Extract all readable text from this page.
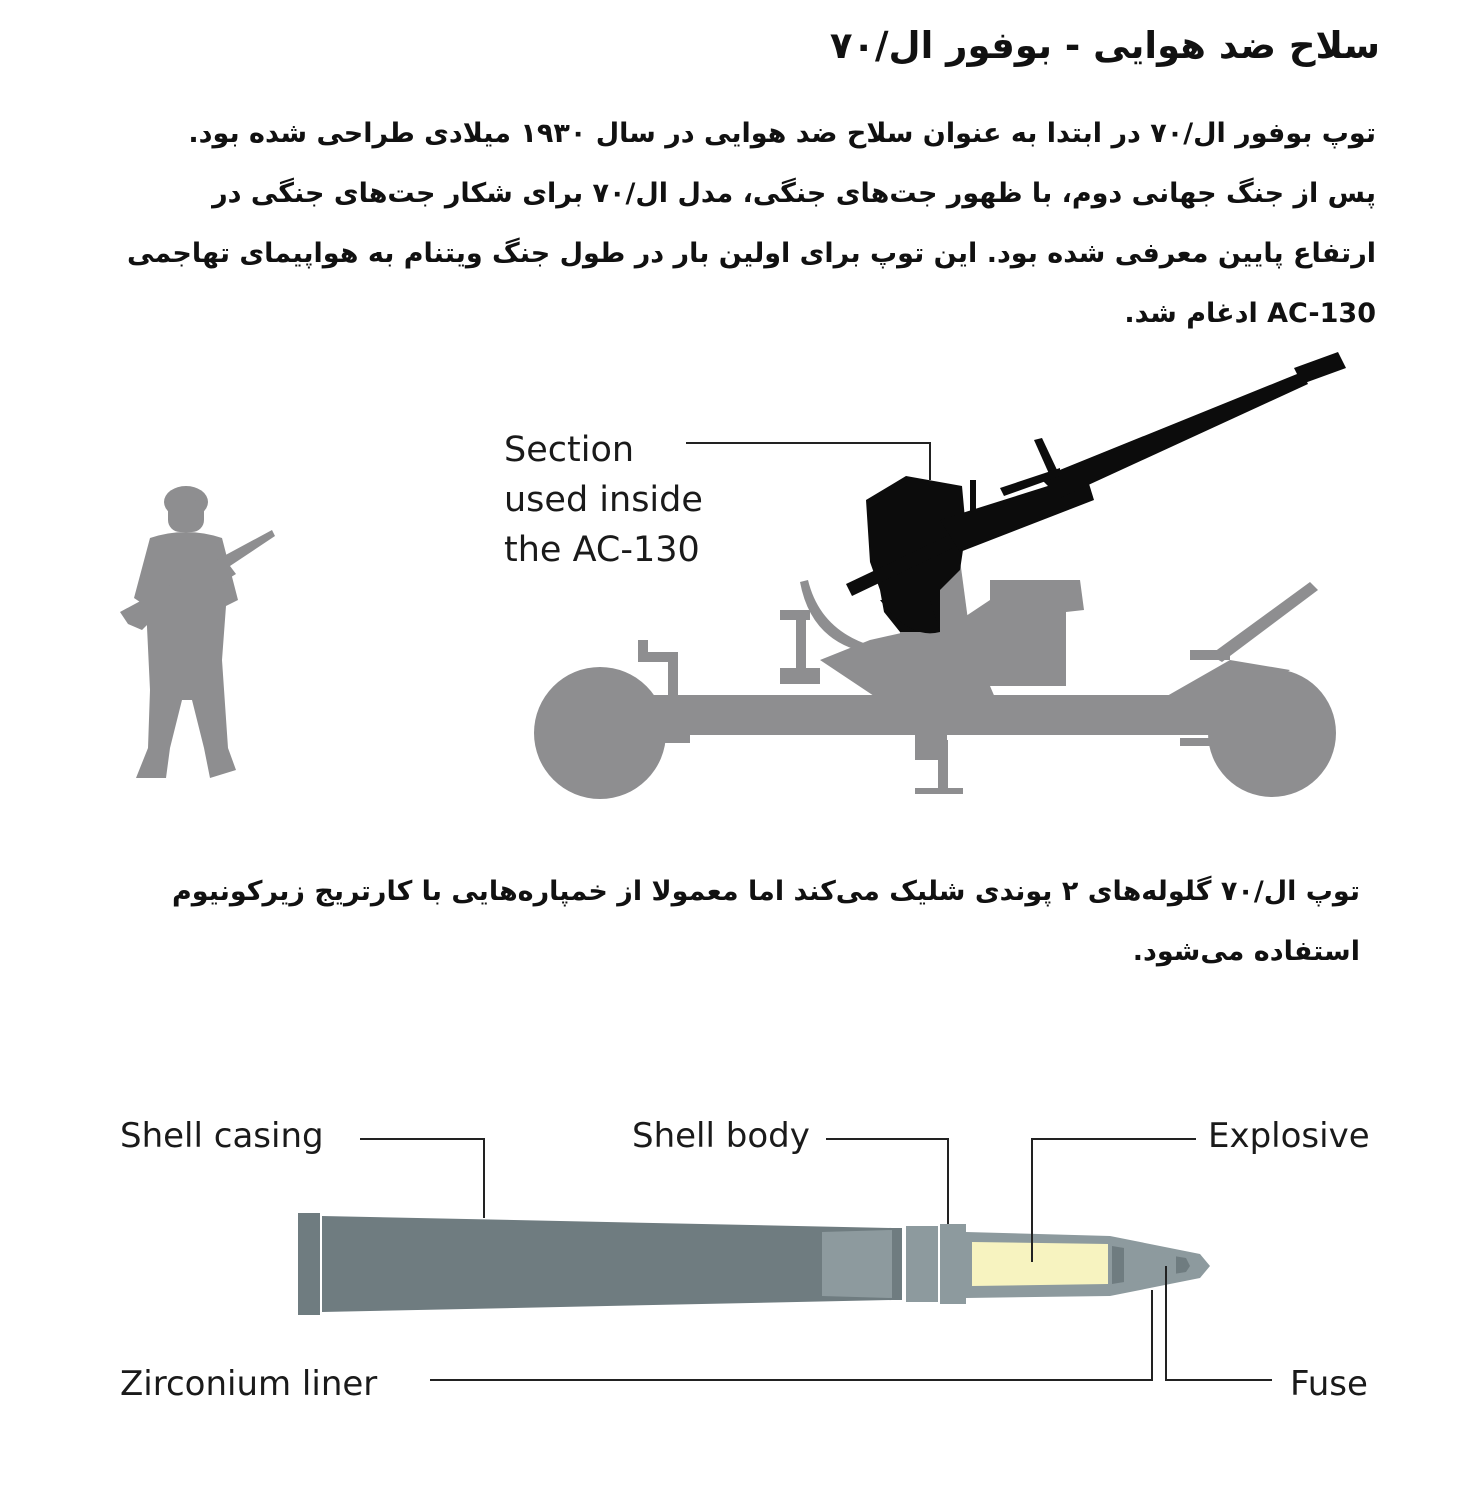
سلاح ضد هوایی - بوفور ال/۷۰

توپ بوفور ال/۷۰ در ابتدا به عنوان سلاح ضد هوایی در سال ۱۹۳۰ میلادی طراحی شده بود.

پس از جنگ جهانی دوم، با ظهور جت‌های جنگی، مدل ال/۷۰ برای شکار جت‌های جنگی در

ارتفاع پایین معرفی شده بود. این توپ برای اولین بار در طول جنگ ویتنام به هواپیمای تهاجمی

AC-130 ادغام شد.

Section
used inside
the AC-130

توپ ال/۷۰ گلوله‌های ۲ پوندی شلیک می‌کند اما معمولا از خمپاره‌هایی با کارتریج زیرکونیوم

استفاده می‌شود.

Shell casing	Shell body	Explosive
Zirconium liner	Fuse
